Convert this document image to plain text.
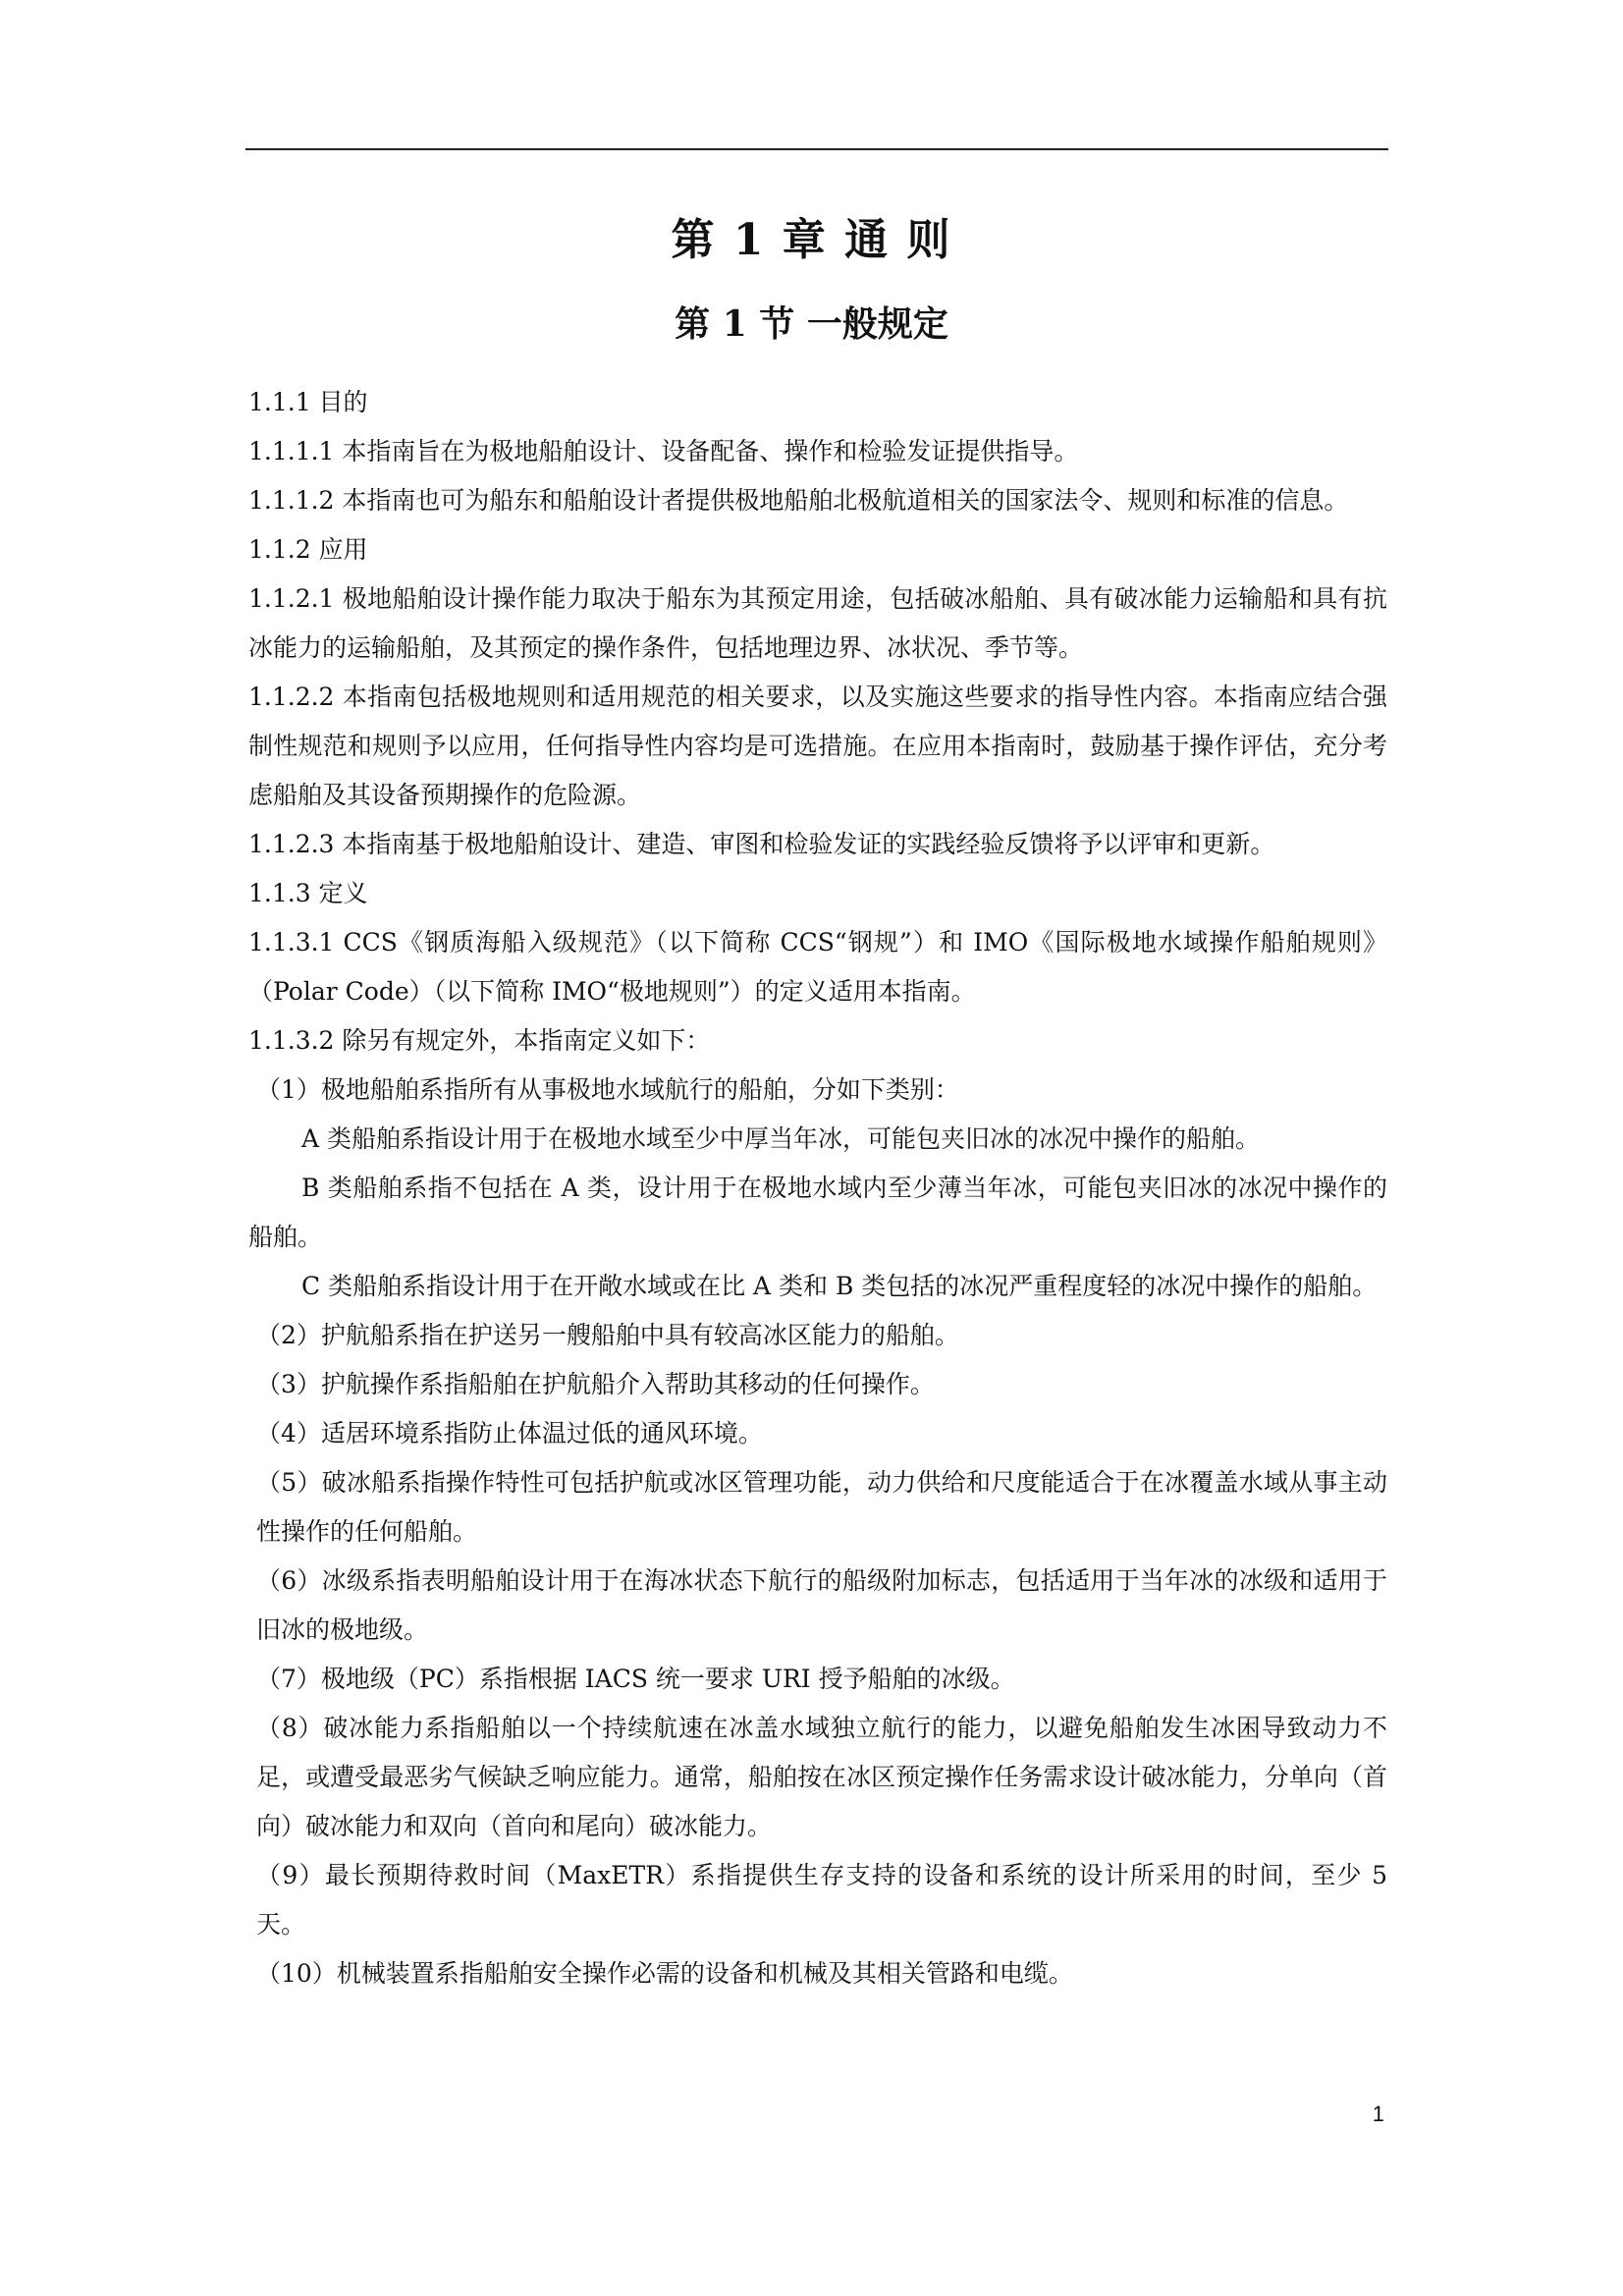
第 1 章 通 则
第 1 节 一般规定

1.1.1 目的

1.1.1.1 本指南旨在为极地船舶设计、设备配备、操作和检验发证提供指导。

1.1.1.2 本指南也可为船东和船舶设计者提供极地船舶北极航道相关的国家法令、规则和标准的信息。

1.1.2 应用

1.1.2.1 极地船舶设计操作能力取决于船东为其预定用途，包括破冰船舶、具有破冰能力运输船和具有抗冰能力的运输船舶，及其预定的操作条件，包括地理边界、冰状况、季节等。

1.1.2.2 本指南包括极地规则和适用规范的相关要求，以及实施这些要求的指导性内容。本指南应结合强制性规范和规则予以应用，任何指导性内容均是可选措施。在应用本指南时，鼓励基于操作评估，充分考虑船舶及其设备预期操作的危险源。

1.1.2.3 本指南基于极地船舶设计、建造、审图和检验发证的实践经验反馈将予以评审和更新。

1.1.3 定义

1.1.3.1 CCS《钢质海船入级规范》（以下简称 CCS“钢规”）和 IMO《国际极地水域操作船舶规则》（Polar Code）（以下简称 IMO“极地规则”）的定义适用本指南。

1.1.3.2 除另有规定外，本指南定义如下：

（1）极地船舶系指所有从事极地水域航行的船舶，分如下类别：

A 类船舶系指设计用于在极地水域至少中厚当年冰，可能包夹旧冰的冰况中操作的船舶。

B 类船舶系指不包括在 A 类，设计用于在极地水域内至少薄当年冰，可能包夹旧冰的冰况中操作的船舶。

C 类船舶系指设计用于在开敞水域或在比 A 类和 B 类包括的冰况严重程度轻的冰况中操作的船舶。

（2）护航船系指在护送另一艘船舶中具有较高冰区能力的船舶。

（3）护航操作系指船舶在护航船介入帮助其移动的任何操作。

（4）适居环境系指防止体温过低的通风环境。

（5）破冰船系指操作特性可包括护航或冰区管理功能，动力供给和尺度能适合于在冰覆盖水域从事主动性操作的任何船舶。

（6）冰级系指表明船舶设计用于在海冰状态下航行的船级附加标志，包括适用于当年冰的冰级和适用于旧冰的极地级。

（7）极地级（PC）系指根据 IACS 统一要求 URI 授予船舶的冰级。

（8）破冰能力系指船舶以一个持续航速在冰盖水域独立航行的能力，以避免船舶发生冰困导致动力不足，或遭受最恶劣气候缺乏响应能力。通常，船舶按在冰区预定操作任务需求设计破冰能力，分单向（首向）破冰能力和双向（首向和尾向）破冰能力。

（9）最长预期待救时间（MaxETR）系指提供生存支持的设备和系统的设计所采用的时间，至少 5 天。

（10）机械装置系指船舶安全操作必需的设备和机械及其相关管路和电缆。

1
